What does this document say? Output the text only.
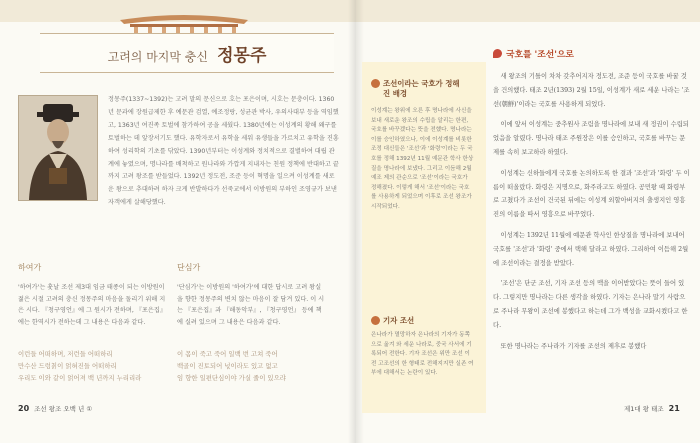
고려의 마지막 충신 정몽주

정몽주(1337~1392)는 고려 말의 문신으로 호는 포은이며, 시호는 문충이다. 1360년 문과에 장원급제한 후 예문관 검열, 예조정랑, 성균관 박사, 우의사대부 등을 역임했고, 1363년 여진족 토벌에 참가하여 공을 세웠다. 1380년에는 이성계의 황해 왜구를 토벌하는 데 앞장서기도 했다. 유학자로서 유학을 세워 유생들을 가르치고 유학을 진흥하여 성리학의 기초를 닦았다. 1390년부터는 이성계와 정치적으로 결별하여 대립 관계에 놓였으며, 명나라를 배척하고 원나라와 가깝게 지내자는 친원 정책에 반대하고 끝까지 고려 왕조를 받들었다. 1392년 정도전, 조준 등이 혁명을 일으켜 이성계를 새로운 왕으로 추대하려 하자 크게 반발하다가 선죽교에서 이방원의 부하인 조영규가 보낸 자객에게 살해당했다.

하여가

'하여가'는 훗날 조선 제3대 임금 태종이 되는 이방원이 젊은 시절 고려의 충신 정몽주의 마음을 돌리기 위해 지은 시다. 『청구영언』에 그 원시가 전하며, 『포은집』에는 한역시가 전하는데 그 내용은 다음과 같다.

단심가

'단심가'는 이방원의 '하여가'에 대한 답시로 고려 왕실을 향한 정몽주의 변치 않는 마음이 잘 담겨 있다. 이 시는 『포은집』과 『해동악부』, 『청구영언』 등에 책에 실려 있으며 그 내용은 다음과 같다.

이런들 어떠하며, 저런들 어떠하리
만수산 드렁칡이 얽혀진들 어떠하리
우리도 이와 같이 얽어져 백 년까지 누리리라
이 몸이 죽고 죽어 일백 번 고쳐 죽어
백골이 진토되어 넋이라도 있고 없고
임 향한 일편단심이야 가실 줄이 있으랴
20 조선 왕조 오백 년 ①
조선이라는 국호가 정해진 배경

이성계는 왕위에 오른 후 명나라에 사신을 보내 새로운 왕조의 수립을 알리는 한편, 국호를 바꾸겠다는 뜻을 전했다. 명나라는 이를 승인하였으나, 이에 이성계를 비롯한 조정 대신들은 '조선'과 '화령'이라는 두 국호를 정해 1392년 11월 예문관 학사 한상질을 명나라에 보냈다. 그리고 이듬해 2월 예조 제의 관순으로 '조선'이라는 국호가 정해졌다. 이렇게 해서 '조선'이라는 국호를 사용하게 되었으며 이후로 조선 왕조가 시작되었다.

기자 조선

은나라가 멸망하자 은나라의 기자가 동쪽으로 옮겨 와 세운 나라로, 중국 사서에 기록되어 전한다. 기자 조선은 위만 조선 이전 고조선의 한 형태로 전해지지만 실존 여부에 대해서는 논란이 있다.

국호를 '조선'으로

새 왕조의 기틀이 차차 갖추어지자 정도전, 조준 등이 국호를 바꿀 것을 건의했다. 태조 2년(1393) 2월 15일, 이성계가 새로 세운 나라는 '조선(朝鮮)'이라는 국호를 사용하게 되었다.

이에 앞서 이성계는 중추원사 조림을 명나라에 보내 새 정권이 수립되었음을 알렸다. 명나라 태조 주원장은 이를 승인하고, 국호를 바꾸는 문제를 속히 보고하라 하였다.

이성계는 신하들에게 국호를 논의하도록 한 결과 '조선'과 '화령' 두 이름이 떠올랐다. 화령은 지명으로, 화주라고도 하였다. 공민왕 때 화령부로 고쳤다가 조선이 건국된 뒤에는 이성계 외할아버지의 출생지인 영흥진의 이름을 따서 영흥으로 바꾸었다.

이성계는 1392년 11월에 예문관 학사인 한상질을 명나라에 보내어 국호를 '조선'과 '화령' 중에서 택해 달라고 하였다. 그리하여 이듬해 2월에 조선이라는 결정을 받았다.

'조선'은 단군 조선, 기자 조선 등의 맥을 이어받았다는 뜻이 들어 있다. 그렇지만 명나라는 다른 생각을 하였다. 기자는 은나라 말기 사람으로 주나라 무왕이 조선에 봉했다고 하는데 그가 백성을 교화시켰다고 한다.

또한 명나라는 주나라가 기자를 조선의 제후로 봉했다

제1대 왕 태조 21
